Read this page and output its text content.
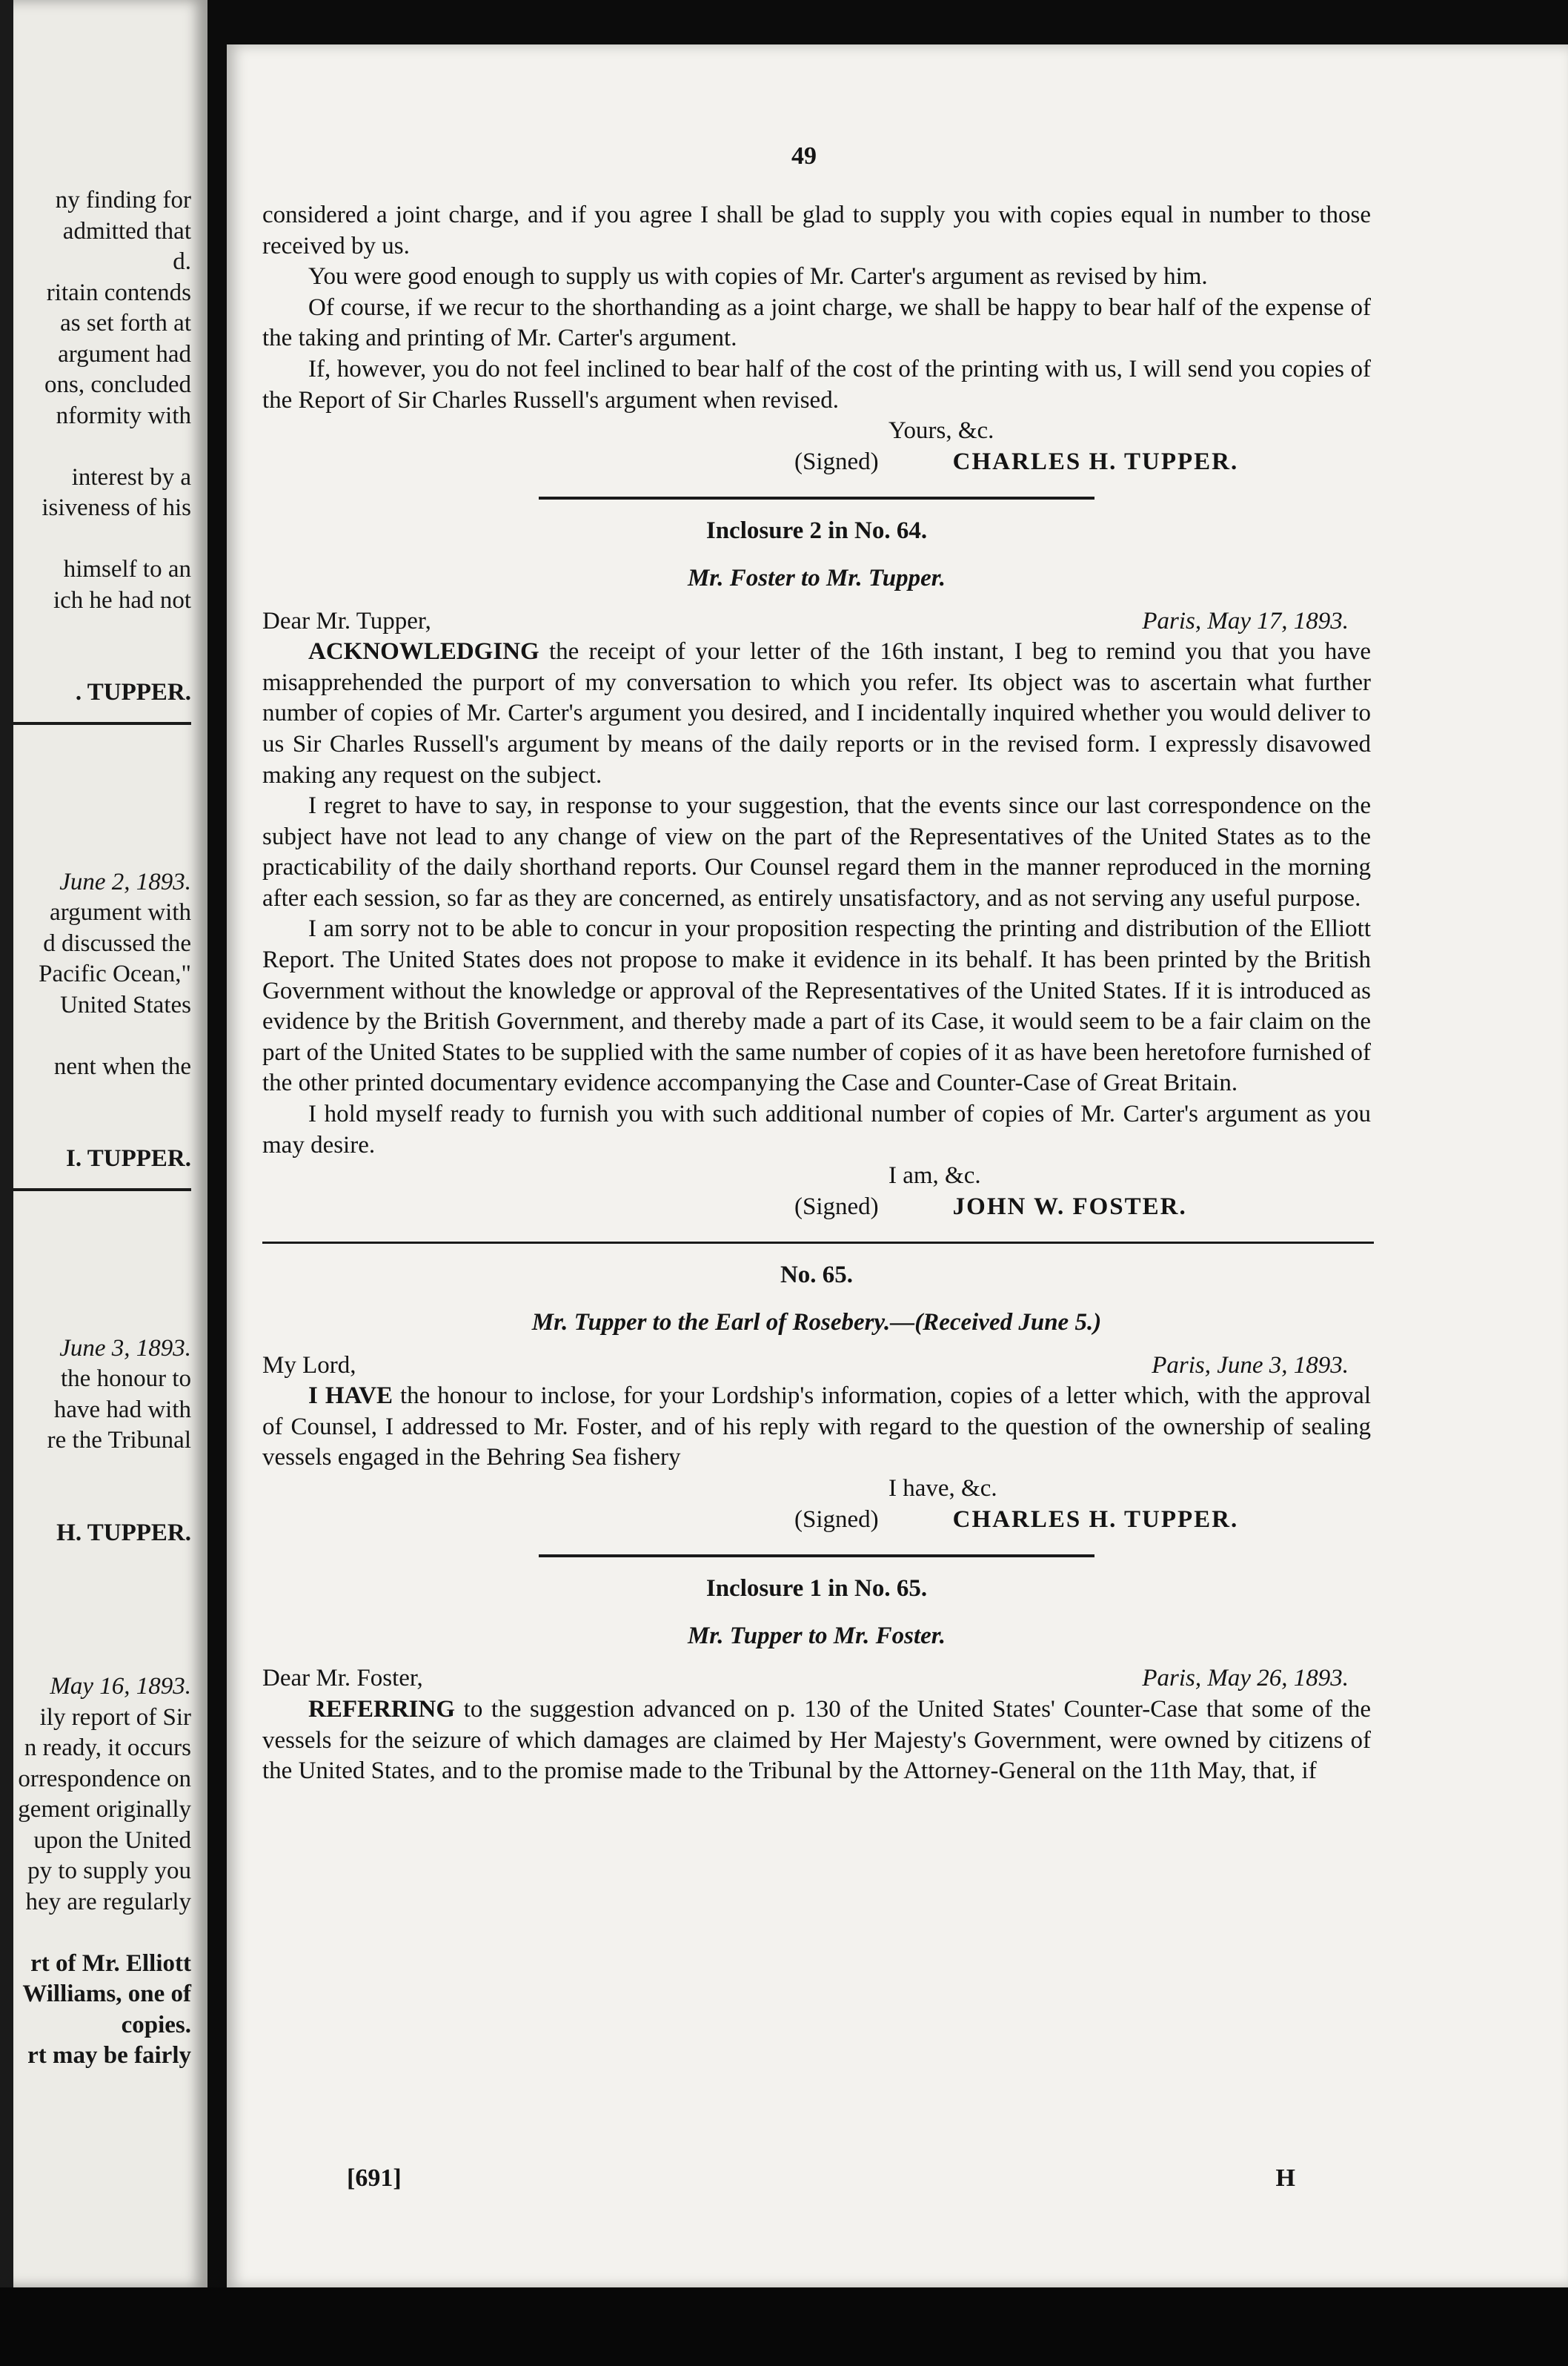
ny finding for
admitted that
d.
ritain contends
as set forth at
argument had
ons, concluded
nformity with
interest by a
isiveness of his
himself to an
ich he had not
. TUPPER.
June 2, 1893.
argument with
d discussed the
Pacific Ocean,"
United States
nent when the
I. TUPPER.
June 3, 1893.
the honour to
have had with
re the Tribunal
H. TUPPER.
May 16, 1893.
ily report of Sir
n ready, it occurs
orrespondence on
gement originally
upon the United
py to supply you
hey are regularly
rt of Mr. Elliott
Williams, one of
copies.
rt may be fairly
49

considered a joint charge, and if you agree I shall be glad to supply you with copies equal in number to those received by us.

You were good enough to supply us with copies of Mr. Carter's argument as revised by him.

Of course, if we recur to the shorthanding as a joint charge, we shall be happy to bear half of the expense of the taking and printing of Mr. Carter's argument.

If, however, you do not feel inclined to bear half of the cost of the printing with us, I will send you copies of the Report of Sir Charles Russell's argument when revised.

Yours, &c.
(Signed)	CHARLES H. TUPPER.
Inclosure 2 in No. 64.
Mr. Foster to Mr. Tupper.
Dear Mr. Tupper,	Paris, May 17, 1893.

ACKNOWLEDGING the receipt of your letter of the 16th instant, I beg to remind you that you have misapprehended the purport of my conversation to which you refer. Its object was to ascertain what further number of copies of Mr. Carter's argument you desired, and I incidentally inquired whether you would deliver to us Sir Charles Russell's argument by means of the daily reports or in the revised form. I expressly disavowed making any request on the subject.

I regret to have to say, in response to your suggestion, that the events since our last correspondence on the subject have not lead to any change of view on the part of the Representatives of the United States as to the practicability of the daily shorthand reports. Our Counsel regard them in the manner reproduced in the morning after each session, so far as they are concerned, as entirely unsatisfactory, and as not serving any useful purpose.

I am sorry not to be able to concur in your proposition respecting the printing and distribution of the Elliott Report. The United States does not propose to make it evidence in its behalf. It has been printed by the British Government without the knowledge or approval of the Representatives of the United States. If it is introduced as evidence by the British Government, and thereby made a part of its Case, it would seem to be a fair claim on the part of the United States to be supplied with the same number of copies of it as have been heretofore furnished of the other printed documentary evidence accompanying the Case and Counter-Case of Great Britain.

I hold myself ready to furnish you with such additional number of copies of Mr. Carter's argument as you may desire.

I am, &c.
(Signed)	JOHN W. FOSTER.
No. 65.
Mr. Tupper to the Earl of Rosebery.—(Received June 5.)
My Lord,	Paris, June 3, 1893.

I HAVE the honour to inclose, for your Lordship's information, copies of a letter which, with the approval of Counsel, I addressed to Mr. Foster, and of his reply with regard to the question of the ownership of sealing vessels engaged in the Behring Sea fishery

I have, &c.
(Signed)	CHARLES H. TUPPER.
Inclosure 1 in No. 65.
Mr. Tupper to Mr. Foster.
Dear Mr. Foster,	Paris, May 26, 1893.

REFERRING to the suggestion advanced on p. 130 of the United States' Counter-Case that some of the vessels for the seizure of which damages are claimed by Her Majesty's Government, were owned by citizens of the United States, and to the promise made to the Tribunal by the Attorney-General on the 11th May, that, if

[691]	H
